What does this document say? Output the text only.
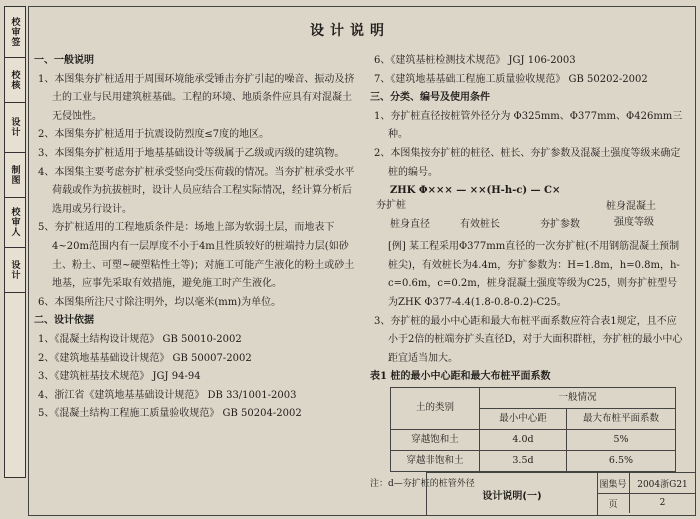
校审签
校核
设计
制图
校审人
设计
设计说明

一、一般说明

1、本图集夯扩桩适用于周围环境能承受锤击夯扩引起的噪音、振动及挤土的工业与民用建筑桩基础。工程的环境、地质条件应具有对混凝土无侵蚀性。

2、本图集夯扩桩适用于抗震设防烈度≤7度的地区。

3、本图集夯扩桩适用于地基基础设计等级属于乙级或丙级的建筑物。

4、本图集主要考虑夯扩桩承受竖向受压荷载的情况。当夯扩桩承受水平荷载或作为抗拔桩时，设计人员应结合工程实际情况，经计算分析后选用或另行设计。

5、夯扩桩适用的工程地质条件是：场地上部为软弱土层，而地表下4~20m范围内有一层厚度不小于4m且性质较好的桩端持力层(如砂土、粉土、可塑~硬塑粘性土等)；对施工可能产生液化的粉土或砂土地基，应事先采取有效措施，避免施工时产生液化。

6、本图集所注尺寸除注明外，均以毫米(mm)为单位。

二、设计依据

1、《混凝土结构设计规范》 GB 50010-2002

2、《建筑地基基础设计规范》 GB 50007-2002

3、《建筑桩基技术规范》 JGJ 94-94

4、浙江省《建筑地基基础设计规范》 DB 33/1001-2003

5、《混凝土结构工程施工质量验收规范》 GB 50204-2002

6、《建筑基桩检测技术规范》 JGJ 106-2003

7、《建筑地基基础工程施工质量验收规范》 GB 50202-2002

三、分类、编号及使用条件

1、夯扩桩直径按桩管外径分为 Φ325mm、Φ377mm、Φ426mm三种。

2、本图集按夯扩桩的桩径、桩长、夯扩参数及混凝土强度等级来确定桩的编号。

ZHK Φ××× — ××(H-h-c) — C×
夯扩桩
桩身直径	有效桩长	夯扩参数
桩身混凝土
强度等级

[例] 某工程采用Φ377mm直径的一次夯扩桩(不用钢筋混凝土预制桩尖)，有效桩长为4.4m，夯扩参数为：H=1.8m，h=0.8m，h-c=0.6m，c=0.2m，桩身混凝土强度等级为C25，则夯扩桩型号为ZHK Φ377-4.4(1.8-0.8-0.2)-C25。

3、夯扩桩的最小中心距和最大布桩平面系数应符合表1规定，且不应小于2倍的桩端夯扩头直径D，对于大面积群桩，夯扩桩的最小中心距宜适当加大。

表1 桩的最小中心距和最大布桩平面系数

土的类别	一般情况	
	最小中心距	最大布桩平面系数
穿越饱和土	4.0d	5%
穿越非饱和土	3.5d	6.5%

注：d—夯扩桩的桩管外径

设计说明(一)
图集号	2004浙G21
页	2
